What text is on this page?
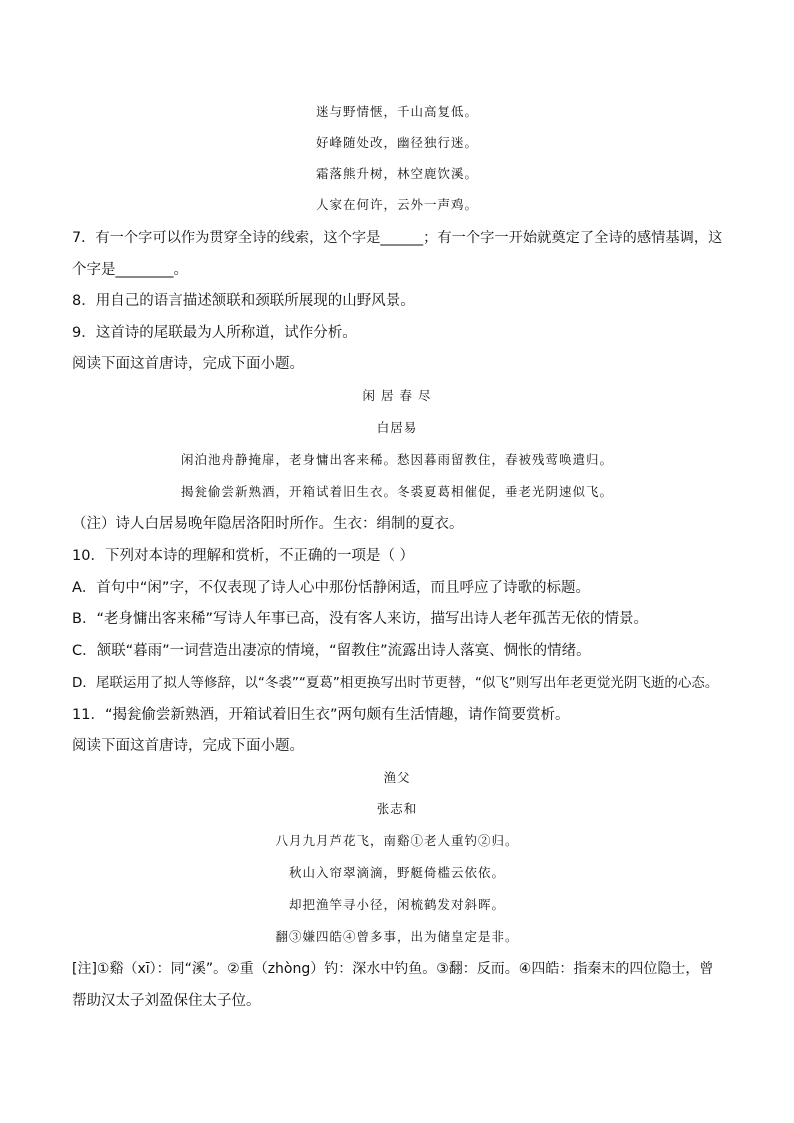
迷与野情惬，千山高复低。
好峰随处改，幽径独行迷。
霜落熊升树，林空鹿饮溪。
人家在何许，云外一声鸡。
7．有一个字可以作为贯穿全诗的线索，这个字是______；有一个字一开始就奠定了全诗的感情基调，这
个字是________。
8．用自己的语言描述颔联和颈联所展现的山野风景。
9．这首诗的尾联最为人所称道，试作分析。
阅读下面这首唐诗，完成下面小题。
闲 居 春 尽
白居易
闲泊池舟静掩扉，老身慵出客来稀。愁因暮雨留教住，春被残莺唤遣归。
揭瓮偷尝新熟酒，开箱试着旧生衣。冬裘夏葛相催促，垂老光阴速似飞。
（注）诗人白居易晚年隐居洛阳时所作。生衣：绢制的夏衣。
10．下列对本诗的理解和赏析，不正确的一项是（ ）
A．首句中“闲”字，不仅表现了诗人心中那份恬静闲适，而且呼应了诗歌的标题。
B．“老身慵出客来稀”写诗人年事已高，没有客人来访，描写出诗人老年孤苦无依的情景。
C．颔联“暮雨”一词营造出凄凉的情境，“留教住”流露出诗人落寞、惆怅的情绪。
D．尾联运用了拟人等修辞，以“冬裘”“夏葛”相更换写出时节更替，“似飞”则写出年老更觉光阴飞逝的心态。
11．“揭瓮偷尝新熟酒，开箱试着旧生衣”两句颇有生活情趣，请作简要赏析。
阅读下面这首唐诗，完成下面小题。
渔父
张志和
八月九月芦花飞，南谿①老人重钓②归。
秋山入帘翠滴滴，野艇倚槛云依依。
却把渔竿寻小径，闲梳鹤发对斜晖。
翻③嫌四皓④曾多事，出为储皇定是非。
[注]①谿（xī）：同“溪”。②重（zhòng）钓：深水中钓鱼。③翻：反而。④四皓：指秦末的四位隐士，曾
帮助汉太子刘盈保住太子位。
